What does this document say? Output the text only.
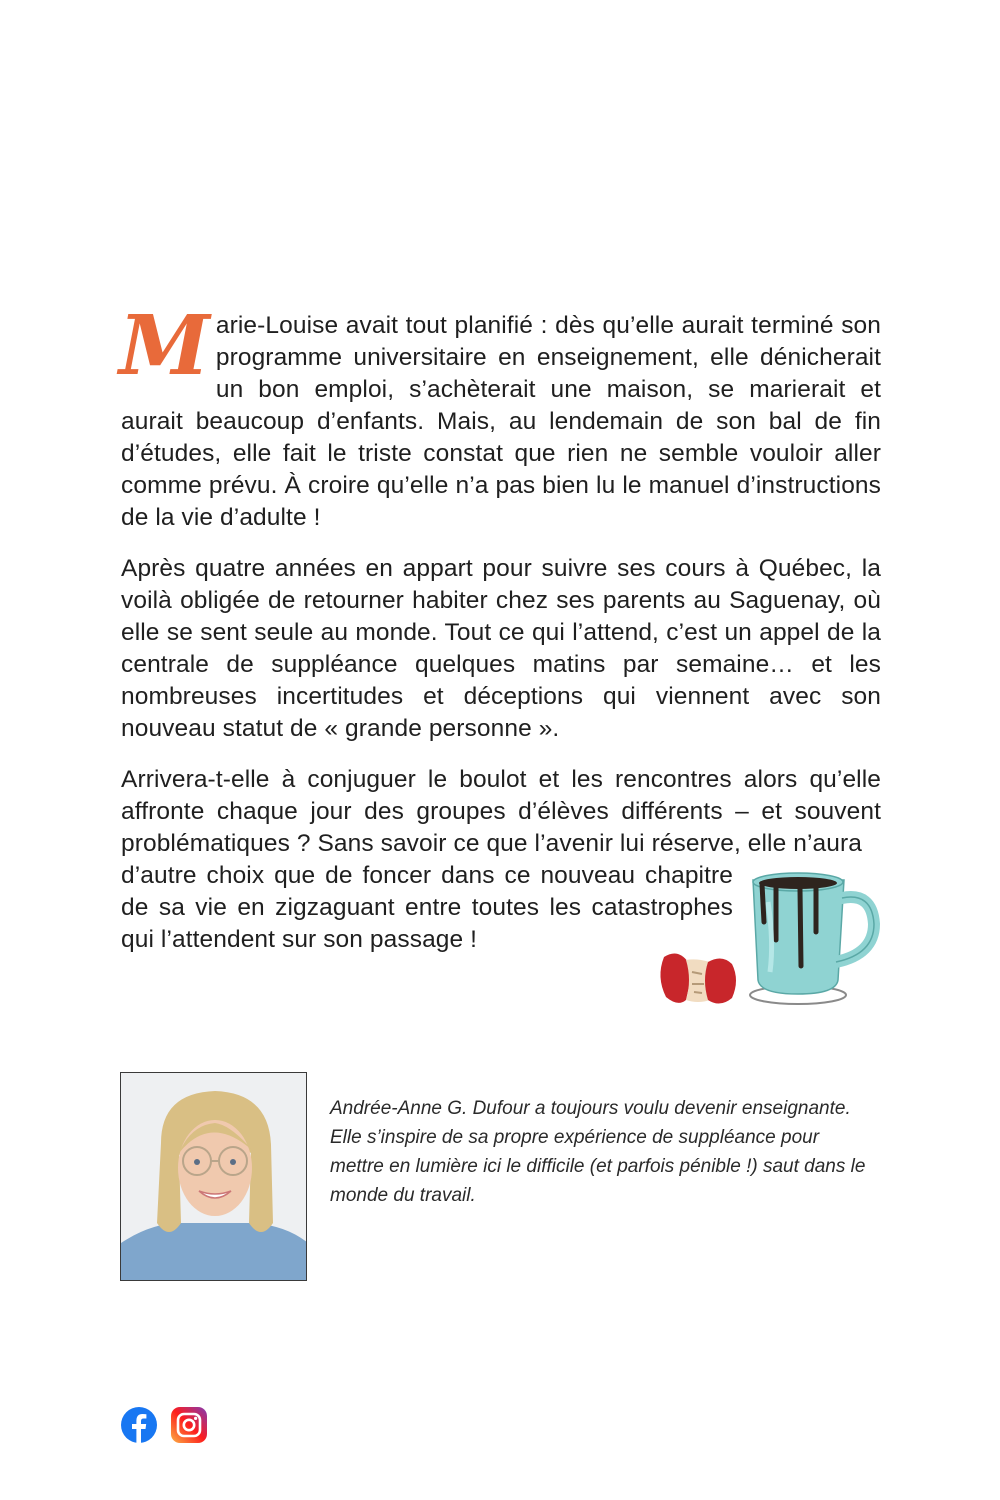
Marie-Louise avait tout planifié : dès qu’elle aurait terminé son programme universitaire en enseignement, elle dénicherait un bon emploi, s’achèterait une maison, se marierait et aurait beaucoup d’enfants. Mais, au lendemain de son bal de fin d’études, elle fait le triste constat que rien ne semble vouloir aller comme prévu. À croire qu’elle n’a pas bien lu le manuel d’instructions de la vie d’adulte !

Après quatre années en appart pour suivre ses cours à Québec, la voilà obligée de retourner habiter chez ses parents au Saguenay, où elle se sent seule au monde. Tout ce qui l’attend, c’est un appel de la centrale de suppléance quelques matins par semaine… et les nombreuses incertitudes et déceptions qui viennent avec son nouveau statut de « grande personne ».

Arrivera-t-elle à conjuguer le boulot et les rencontres alors qu’elle affronte chaque jour des groupes d’élèves différents – et souvent problématiques ? Sans savoir ce que l’avenir lui réserve, elle n’aura
d’autre choix que de foncer dans ce nouveau chapitre de sa vie en zigzaguant entre toutes les catastrophes qui l’attendent sur son passage !

Andrée-Anne G. Dufour a toujours voulu devenir enseignante. Elle s’inspire de sa propre expérience de suppléance pour mettre en lumière ici le difficile (et parfois pénible !) saut dans le monde du travail.
